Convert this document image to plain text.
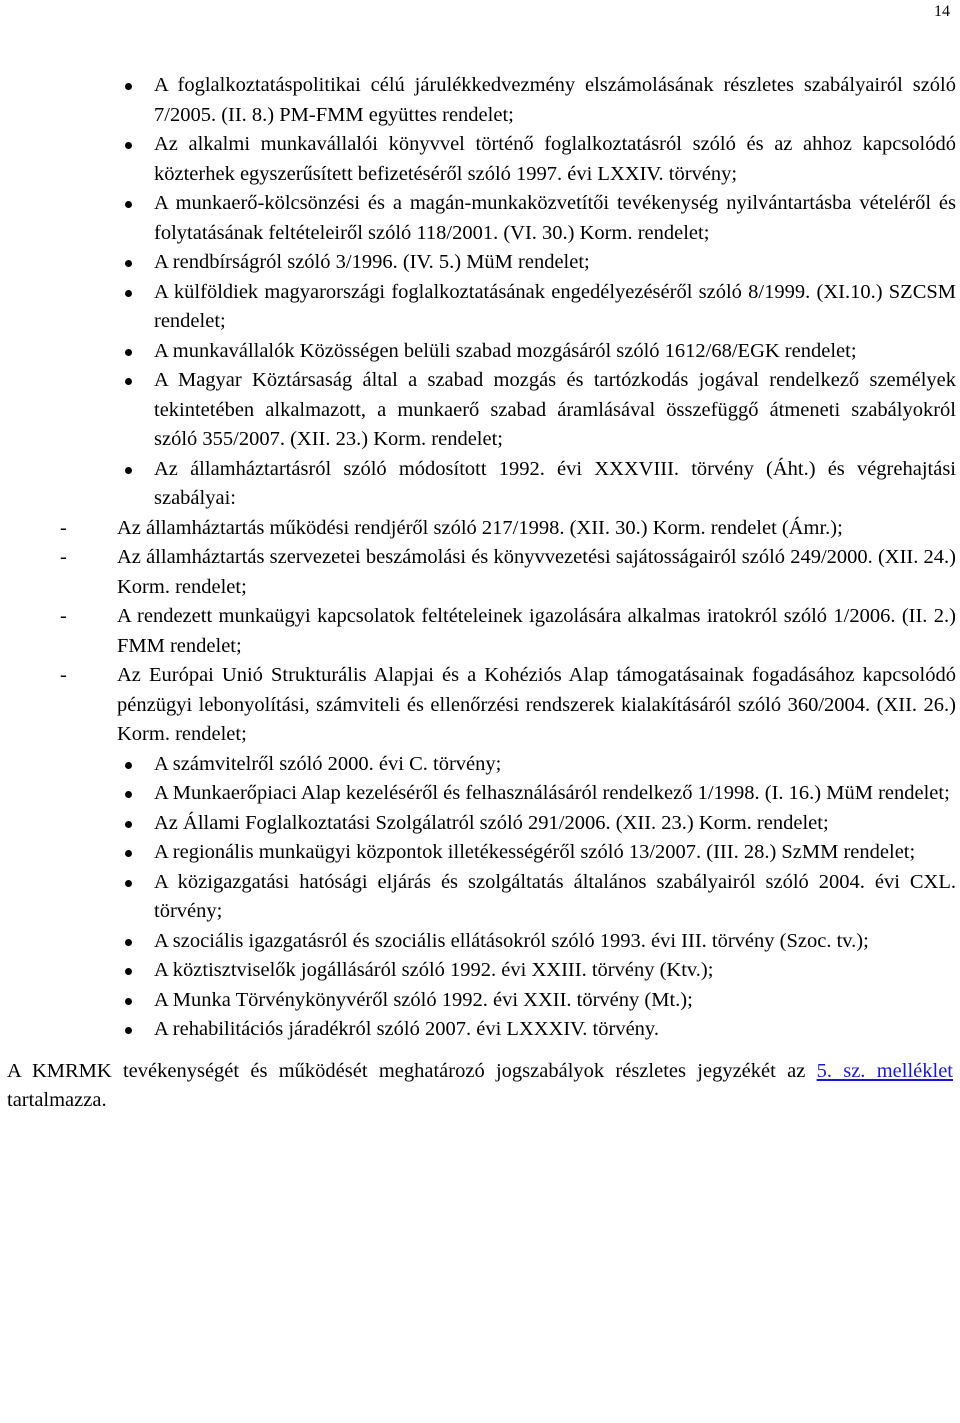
14

A foglalkoztatáspolitikai célú járulékkedvezmény elszámolásának részletes szabályairól szóló 7/2005. (II. 8.) PM-FMM együttes rendelet;

Az alkalmi munkavállalói könyvvel történő foglalkoztatásról szóló és az ahhoz kapcsolódó közterhek egyszerűsített befizetéséről szóló 1997. évi LXXIV. törvény;

A munkaerő-kölcsönzési és a magán-munkaközvetítői tevékenység nyilvántartásba vételéről és folytatásának feltételeiről szóló 118/2001. (VI. 30.) Korm. rendelet;

A rendbírságról szóló 3/1996. (IV. 5.) MüM rendelet;

A külföldiek magyarországi foglalkoztatásának engedélyezéséről szóló 8/1999. (XI.10.) SZCSM rendelet;

A munkavállalók Közösségen belüli szabad mozgásáról szóló 1612/68/EGK rendelet;

A Magyar Köztársaság által a szabad mozgás és tartózkodás jogával rendelkező személyek tekintetében alkalmazott, a munkaerő szabad áramlásával összefüggő átmeneti szabályokról szóló 355/2007. (XII. 23.) Korm. rendelet;

Az államháztartásról szóló módosított 1992. évi XXXVIII. törvény (Áht.) és végrehajtási szabályai:

- Az államháztartás működési rendjéről szóló 217/1998. (XII. 30.) Korm. rendelet (Ámr.);

- Az államháztartás szervezetei beszámolási és könyvvezetési sajátosságairól szóló 249/2000. (XII. 24.) Korm. rendelet;

- A rendezett munkaügyi kapcsolatok feltételeinek igazolására alkalmas iratokról szóló 1/2006. (II. 2.) FMM rendelet;

- Az Európai Unió Strukturális Alapjai és a Kohéziós Alap támogatásainak fogadásához kapcsolódó pénzügyi lebonyolítási, számviteli és ellenőrzési rendszerek kialakításáról szóló 360/2004. (XII. 26.) Korm. rendelet;

A számvitelről szóló 2000. évi C. törvény;

A Munkaerőpiaci Alap kezeléséről és felhasználásáról rendelkező 1/1998. (I. 16.) MüM rendelet;

Az Állami Foglalkoztatási Szolgálatról szóló 291/2006. (XII. 23.) Korm. rendelet;

A regionális munkaügyi központok illetékességéről szóló 13/2007. (III. 28.) SzMM rendelet;

A közigazgatási hatósági eljárás és szolgáltatás általános szabályairól szóló 2004. évi CXL. törvény;

A szociális igazgatásról és szociális ellátásokról szóló 1993. évi III. törvény (Szoc. tv.);

A köztisztviselők jogállásáról szóló 1992. évi XXIII. törvény (Ktv.);

A Munka Törvénykönyvéről szóló 1992. évi XXII. törvény (Mt.);

A rehabilitációs járadékról szóló 2007. évi LXXXIV. törvény.

A KMRMK tevékenységét és működését meghatározó jogszabályok részletes jegyzékét az 5. sz. melléklet tartalmazza.
